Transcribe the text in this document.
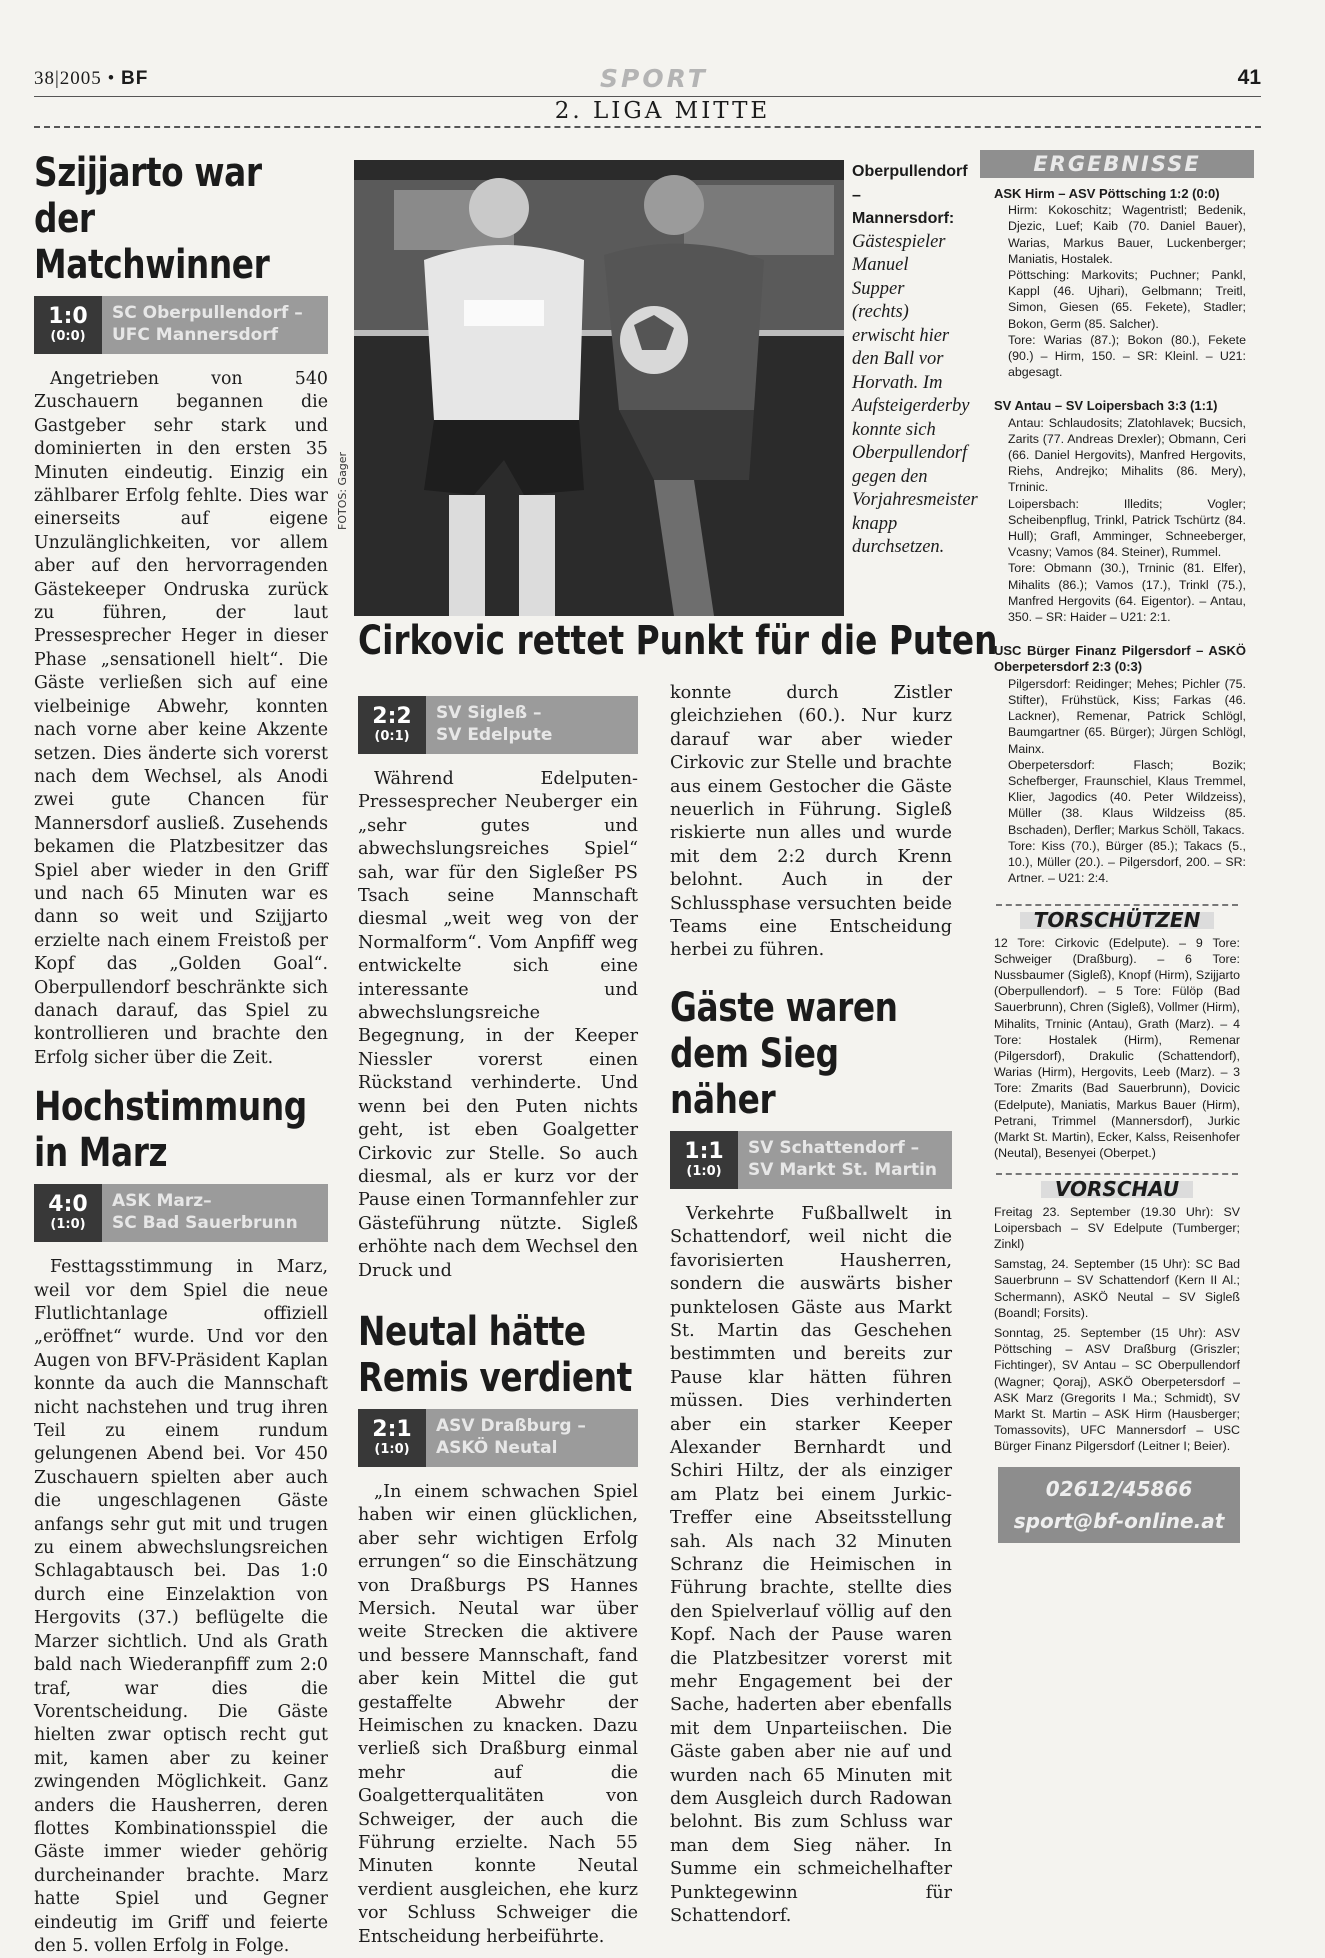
38|2005 • BF	SPORT	41
2. LIGA MITTE
Szijjarto war der Matchwinner
1:0
(0:0)
SC Oberpullendorf –
UFC Mannersdorf

Angetrieben von 540 Zuschauern begannen die Gastgeber sehr stark und dominierten in den ersten 35 Minuten eindeutig. Einzig ein zählbarer Erfolg fehlte. Dies war einerseits auf eigene Unzulänglichkeiten, vor allem aber auf den hervorragenden Gästekeeper Ondruska zurück zu führen, der laut Pressesprecher Heger in dieser Phase „sensationell hielt“. Die Gäste verließen sich auf eine vielbeinige Abwehr, konnten nach vorne aber keine Akzente setzen. Dies änderte sich vorerst nach dem Wechsel, als Anodi zwei gute Chancen für Mannersdorf ausließ. Zusehends bekamen die Platzbesitzer das Spiel aber wieder in den Griff und nach 65 Minuten war es dann so weit und Szijjarto erzielte nach einem Freistoß per Kopf das „Golden Goal“. Oberpullendorf beschränkte sich danach darauf, das Spiel zu kontrollieren und brachte den Erfolg sicher über die Zeit.

Hochstimmung in Marz
4:0
(1:0)
ASK Marz–
SC Bad Sauerbrunn

Festtagsstimmung in Marz, weil vor dem Spiel die neue Flutlichtanlage offiziell „eröffnet“ wurde. Und vor den Augen von BFV-Präsident Kaplan konnte da auch die Mannschaft nicht nachstehen und trug ihren Teil zu einem rundum gelungenen Abend bei. Vor 450 Zuschauern spielten aber auch die ungeschlagenen Gäste anfangs sehr gut mit und trugen zu einem abwechslungsreichen Schlagabtausch bei. Das 1:0 durch eine Einzelaktion von Hergovits (37.) beflügelte die Marzer sichtlich. Und als Grath bald nach Wiederanpfiff zum 2:0 traf, war dies die Vorentscheidung. Die Gäste hielten zwar optisch recht gut mit, kamen aber zu keiner zwingenden Möglichkeit. Ganz anders die Hausherren, deren flottes Kombinationsspiel die Gäste immer wieder gehörig durcheinander brachte. Marz hatte Spiel und Gegner eindeutig im Griff und feierte den 5. vollen Erfolg in Folge.

FOTOS: Gager
Oberpullendorf – Mannersdorf: Gästespieler Manuel Supper (rechts) erwischt hier den Ball vor Horvath. Im Aufsteigerderby konnte sich Oberpullendorf gegen den Vorjahresmeister knapp durchsetzen.
Cirkovic rettet Punkt für die Puten
2:2
(0:1)
SV Sigleß –
SV Edelpute

Während Edelputen-Pressesprecher Neuberger ein „sehr gutes und abwechslungsreiches Spiel“ sah, war für den Sigleßer PS Tsach seine Mannschaft diesmal „weit weg von der Normalform“. Vom Anpfiff weg entwickelte sich eine interessante und abwechslungsreiche Begegnung, in der Keeper Niessler vorerst einen Rückstand verhinderte. Und wenn bei den Puten nichts geht, ist eben Goalgetter Cirkovic zur Stelle. So auch diesmal, als er kurz vor der Pause einen Tormannfehler zur Gästeführung nützte. Sigleß erhöhte nach dem Wechsel den Druck und

Neutal hätte Remis verdient
2:1
(1:0)
ASV Draßburg –
ASKÖ Neutal

„In einem schwachen Spiel haben wir einen glücklichen, aber sehr wichtigen Erfolg errungen“ so die Einschätzung von Draßburgs PS Hannes Mersich. Neutal war über weite Strecken die aktivere und bessere Mannschaft, fand aber kein Mittel die gut gestaffelte Abwehr der Heimischen zu knacken. Dazu verließ sich Draßburg einmal mehr auf die Goalgetterqualitäten von Schweiger, der auch die Führung erzielte. Nach 55 Minuten konnte Neutal verdient ausgleichen, ehe kurz vor Schluss Schweiger die Entscheidung herbeiführte.

konnte durch Zistler gleichziehen (60.). Nur kurz darauf war aber wieder Cirkovic zur Stelle und brachte aus einem Gestocher die Gäste neuerlich in Führung. Sigleß riskierte nun alles und wurde mit dem 2:2 durch Krenn belohnt. Auch in der Schlussphase versuchten beide Teams eine Entscheidung herbei zu führen.

Gäste waren dem Sieg näher
1:1
(1:0)
SV Schattendorf –
SV Markt St. Martin

Verkehrte Fußballwelt in Schattendorf, weil nicht die favorisierten Hausherren, sondern die auswärts bisher punktelosen Gäste aus Markt St. Martin das Geschehen bestimmten und bereits zur Pause klar hätten führen müssen. Dies verhinderten aber ein starker Keeper Alexander Bernhardt und Schiri Hiltz, der als einziger am Platz bei einem Jurkic-Treffer eine Abseitsstellung sah. Als nach 32 Minuten Schranz die Heimischen in Führung brachte, stellte dies den Spielverlauf völlig auf den Kopf. Nach der Pause waren die Platzbesitzer vorerst mit mehr Engagement bei der Sache, haderten aber ebenfalls mit dem Unparteiischen. Die Gäste gaben aber nie auf und wurden nach 65 Minuten mit dem Ausgleich durch Radowan belohnt. Bis zum Schluss war man dem Sieg näher. In Summe ein schmeichelhafter Punktegewinn für Schattendorf.

ERGEBNISSE
ASK Hirm – ASV Pöttsching 1:2 (0:0)
Hirm: Kokoschitz; Wagentristl; Bedenik, Djezic, Luef; Kaib (70. Daniel Bauer), Warias, Markus Bauer, Luckenberger; Maniatis, Hostalek.
Pöttsching: Markovits; Puchner; Pankl, Kappl (46. Ujhari), Gelbmann; Treitl, Simon, Giesen (65. Fekete), Stadler; Bokon, Germ (85. Salcher).
Tore: Warias (87.); Bokon (80.), Fekete (90.) – Hirm, 150. – SR: Kleinl. – U21: abgesagt.
SV Antau – SV Loipersbach 3:3 (1:1)
Antau: Schlaudosits; Zlatohlavek; Bucsich, Zarits (77. Andreas Drexler); Obmann, Ceri (66. Daniel Hergovits), Manfred Hergovits, Riehs, Andrejko; Mihalits (86. Mery), Trninic.
Loipersbach: Illedits; Vogler; Scheibenpflug, Trinkl, Patrick Tschürtz (84. Hull); Grafl, Amminger, Schneeberger, Vcasny; Vamos (84. Steiner), Rummel.
Tore: Obmann (30.), Trninic (81. Elfer), Mihalits (86.); Vamos (17.), Trinkl (75.), Manfred Hergovits (64. Eigentor). – Antau, 350. – SR: Haider – U21: 2:1.
USC Bürger Finanz Pilgersdorf – ASKÖ Oberpetersdorf 2:3 (0:3)
Pilgersdorf: Reidinger; Mehes; Pichler (75. Stifter), Frühstück, Kiss; Farkas (46. Lackner), Remenar, Patrick Schlögl, Baumgartner (65. Bürger); Jürgen Schlögl, Mainx.
Oberpetersdorf: Flasch; Bozik; Schefberger, Fraunschiel, Klaus Tremmel, Klier, Jagodics (40. Peter Wildzeiss), Müller (38. Klaus Wildzeiss (85. Bschaden), Derfler; Markus Schöll, Takacs.
Tore: Kiss (70.), Bürger (85.); Takacs (5., 10.), Müller (20.). – Pilgersdorf, 200. – SR: Artner. – U21: 2:4.
TORSCHÜTZEN
12 Tore: Cirkovic (Edelpute). – 9 Tore: Schweiger (Draßburg). – 6 Tore: Nussbaumer (Sigleß), Knopf (Hirm), Szijjarto (Oberpullendorf). – 5 Tore: Fülöp (Bad Sauerbrunn), Chren (Sigleß), Vollmer (Hirm), Mihalits, Trninic (Antau), Grath (Marz). – 4 Tore: Hostalek (Hirm), Remenar (Pilgersdorf), Drakulic (Schattendorf), Warias (Hirm), Hergovits, Leeb (Marz). – 3 Tore: Zmarits (Bad Sauerbrunn), Dovicic (Edelpute), Maniatis, Markus Bauer (Hirm), Petrani, Trimmel (Mannersdorf), Jurkic (Markt St. Martin), Ecker, Kalss, Reisenhofer (Neutal), Besenyei (Oberpet.)
VORSCHAU
Freitag 23. September (19.30 Uhr): SV Loipersbach – SV Edelpute (Tumberger; Zinkl)
Samstag, 24. September (15 Uhr): SC Bad Sauerbrunn – SV Schattendorf (Kern II Al.; Schermann), ASKÖ Neutal – SV Sigleß (Boandl; Forsits).
Sonntag, 25. September (15 Uhr): ASV Pöttsching – ASV Draßburg (Griszler; Fichtinger), SV Antau – SC Oberpullendorf (Wagner; Qoraj), ASKÖ Oberpetersdorf – ASK Marz (Gregorits I Ma.; Schmidt), SV Markt St. Martin – ASK Hirm (Hausberger; Tomassovits), UFC Mannersdorf – USC Bürger Finanz Pilgersdorf (Leitner I; Beier).
02612/45866
sport@bf-online.at
